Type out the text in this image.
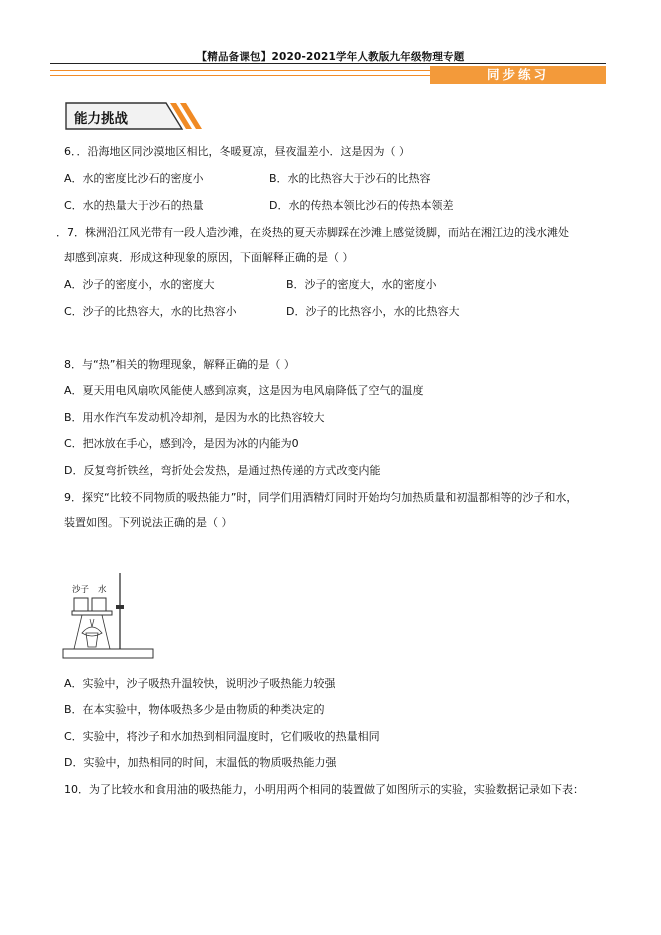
【精品备课包】2020-2021学年人教版九年级物理专题
同步练习
能力挑战
6．．沿海地区同沙漠地区相比，冬暖夏凉，昼夜温差小．这是因为（ ）
A．水的密度比沙石的密度小	B．水的比热容大于沙石的比热容
C．水的热量大于沙石的热量	D．水的传热本领比沙石的传热本领差
．7．株洲沿江风光带有一段人造沙滩，在炎热的夏天赤脚踩在沙滩上感觉烫脚，而站在湘江边的浅水滩处
却感到凉爽．形成这种现象的原因，下面解释正确的是（ ）
A．沙子的密度小，水的密度大	B．沙子的密度大，水的密度小
C．沙子的比热容大，水的比热容小	D．沙子的比热容小，水的比热容大
8．与“热”相关的物理现象，解释正确的是（ ）
A．夏天用电风扇吹风能使人感到凉爽，这是因为电风扇降低了空气的温度
B．用水作汽车发动机冷却剂，是因为水的比热容较大
C．把冰放在手心，感到冷，是因为冰的内能为0
D．反复弯折铁丝，弯折处会发热，是通过热传递的方式改变内能
9．探究“比较不同物质的吸热能力”时，同学们用酒精灯同时开始均匀加热质量和初温都相等的沙子和水，
装置如图。下列说法正确的是（ ）
沙子 水
A．实验中，沙子吸热升温较快，说明沙子吸热能力较强
B．在本实验中，物体吸热多少是由物质的种类决定的
C．实验中，将沙子和水加热到相同温度时，它们吸收的热量相同
D．实验中，加热相同的时间，末温低的物质吸热能力强
10．为了比较水和食用油的吸热能力，小明用两个相同的装置做了如图所示的实验，实验数据记录如下表：
